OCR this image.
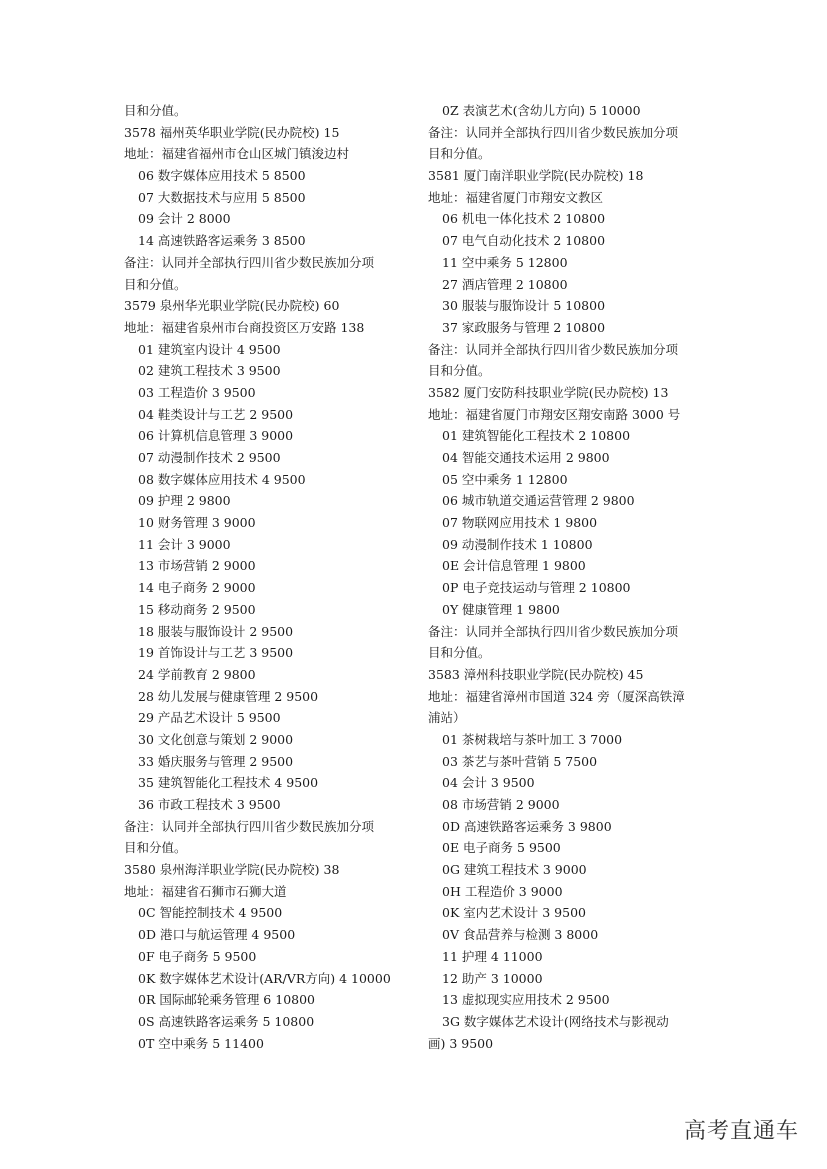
目和分值。
3578 福州英华职业学院(民办院校) 15
地址：福建省福州市仓山区城门镇浚边村
06 数字媒体应用技术 5 8500
07 大数据技术与应用 5 8500
09 会计 2 8000
14 高速铁路客运乘务 3 8500
备注：认同并全部执行四川省少数民族加分项
目和分值。
3579 泉州华光职业学院(民办院校) 60
地址：福建省泉州市台商投资区万安路 138
01 建筑室内设计 4 9500
02 建筑工程技术 3 9500
03 工程造价 3 9500
04 鞋类设计与工艺 2 9500
06 计算机信息管理 3 9000
07 动漫制作技术 2 9500
08 数字媒体应用技术 4 9500
09 护理 2 9800
10 财务管理 3 9000
11 会计 3 9000
13 市场营销 2 9000
14 电子商务 2 9000
15 移动商务 2 9500
18 服装与服饰设计 2 9500
19 首饰设计与工艺 3 9500
24 学前教育 2 9800
28 幼儿发展与健康管理 2 9500
29 产品艺术设计 5 9500
30 文化创意与策划 2 9000
33 婚庆服务与管理 2 9500
35 建筑智能化工程技术 4 9500
36 市政工程技术 3 9500
备注：认同并全部执行四川省少数民族加分项
目和分值。
3580 泉州海洋职业学院(民办院校) 38
地址：福建省石狮市石狮大道
0C 智能控制技术 4 9500
0D 港口与航运管理 4 9500
0F 电子商务 5 9500
0K 数字媒体艺术设计(AR/VR方向) 4 10000
0R 国际邮轮乘务管理 6 10800
0S 高速铁路客运乘务 5 10800
0T 空中乘务 5 11400
0Z 表演艺术(含幼儿方向) 5 10000
备注：认同并全部执行四川省少数民族加分项
目和分值。
3581 厦门南洋职业学院(民办院校) 18
地址：福建省厦门市翔安文教区
06 机电一体化技术 2 10800
07 电气自动化技术 2 10800
11 空中乘务 5 12800
27 酒店管理 2 10800
30 服装与服饰设计 5 10800
37 家政服务与管理 2 10800
备注：认同并全部执行四川省少数民族加分项
目和分值。
3582 厦门安防科技职业学院(民办院校) 13
地址：福建省厦门市翔安区翔安南路 3000 号
01 建筑智能化工程技术 2 10800
04 智能交通技术运用 2 9800
05 空中乘务 1 12800
06 城市轨道交通运营管理 2 9800
07 物联网应用技术 1 9800
09 动漫制作技术 1 10800
0E 会计信息管理 1 9800
0P 电子竞技运动与管理 2 10800
0Y 健康管理 1 9800
备注：认同并全部执行四川省少数民族加分项
目和分值。
3583 漳州科技职业学院(民办院校) 45
地址：福建省漳州市国道 324 旁（厦深高铁漳
浦站）
01 茶树栽培与茶叶加工 3 7000
03 茶艺与茶叶营销 5 7500
04 会计 3 9500
08 市场营销 2 9000
0D 高速铁路客运乘务 3 9800
0E 电子商务 5 9500
0G 建筑工程技术 3 9000
0H 工程造价 3 9000
0K 室内艺术设计 3 9500
0V 食品营养与检测 3 8000
11 护理 4 11000
12 助产 3 10000
13 虚拟现实应用技术 2 9500
3G 数字媒体艺术设计(网络技术与影视动
画) 3 9500
高考直通车
